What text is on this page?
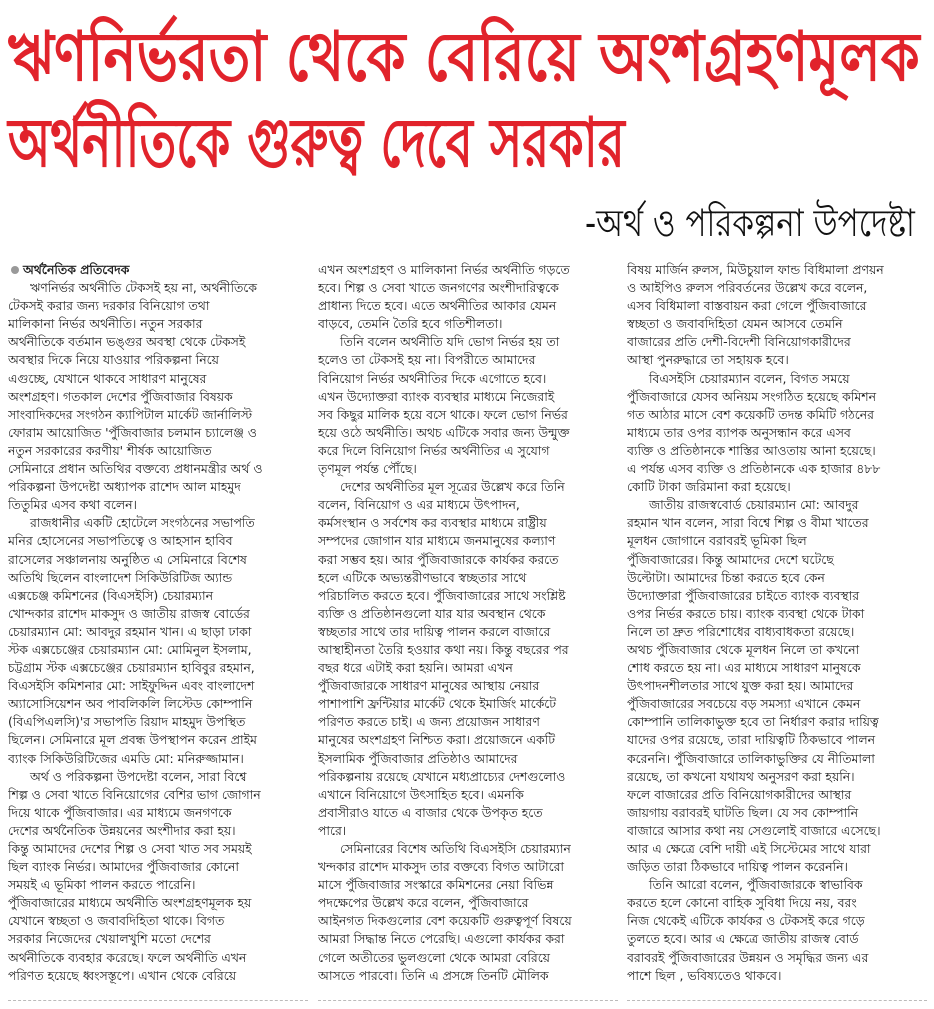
ঋণনির্ভরতা থেকে বেরিয়ে অংশগ্রহণমূলক
অর্থনীতিকে গুরুত্ব দেবে সরকার
-অর্থ ও পরিকল্পনা উপদেষ্টা
অর্থনৈতিক প্রতিবেদক
ঋণনির্ভর অর্থনীতি টেকসই হয় না, অর্থনীতিকে
টেকসই করার জন্য দরকার বিনিয়োগ তথা
মালিকানা নির্ভর অর্থনীতি। নতুন সরকার
অর্থনীতিকে বর্তমান ভঙ্গুর অবস্থা থেকে টেকসই
অবস্থার দিকে নিয়ে যাওয়ার পরিকল্পনা নিয়ে
এগুচ্ছে, যেখানে থাকবে সাধারণ মানুষের
অংশগ্রহণ। গতকাল দেশের পুঁজিবাজার বিষয়ক
সাংবাদিকদের সংগঠন ক্যাপিটাল মার্কেট জার্নালিস্ট
ফোরাম আয়োজিত 'পুঁজিবাজার চলমান চ্যালেঞ্জ ও
নতুন সরকারের করণীয়' শীর্ষক আয়োজিত
সেমিনারে প্রধান অতিথির বক্তব্যে প্রধানমন্ত্রীর অর্থ ও
পরিকল্পনা উপদেষ্টা অধ্যাপক রাশেদ আল মাহমুদ
তিতুমির এসব কথা বলেন।
রাজধানীর একটি হোটেলে সংগঠনের সভাপতি
মনির হোসেনের সভাপতিত্বে ও আহসান হাবিব
রাসেলের সঞ্চালনায় অনুষ্ঠিত এ সেমিনারে বিশেষ
অতিথি ছিলেন বাংলাদেশ সিকিউরিটিজ অ্যান্ড
এক্সচেঞ্জ কমিশনের (বিএসইসি) চেয়ারম্যান
খোন্দকার রাশেদ মাকসুদ ও জাতীয় রাজস্ব বোর্ডের
চেয়ারম্যান মো: আবদুর রহমান খান। এ ছাড়া ঢাকা
স্টক এক্সচেঞ্জের চেয়ারম্যান মো: মোমিনুল ইসলাম,
চট্টগ্রাম স্টক এক্সচেঞ্জের চেয়ারম্যান হাবিবুর রহমান,
বিএসইসি কমিশনার মো: সাইফুদ্দিন এবং বাংলাদেশ
অ্যাসোসিয়েশন অব পাবলিকলি লিস্টেড কোম্পানি
(বিএপিএলসি)'র সভাপতি রিয়াদ মাহমুদ উপস্থিত
ছিলেন। সেমিনারে মূল প্রবন্ধ উপস্থাপন করেন প্রাইম
ব্যাংক সিকিউরিটিজের এমডি মো: মনিরুজ্জামান।
অর্থ ও পরিকল্পনা উপদেষ্টা বলেন, সারা বিশ্বে
শিল্প ও সেবা খাতে বিনিয়োগের বেশির ভাগ জোগান
দিয়ে থাকে পুঁজিবাজার। এর মাধ্যমে জনগণকে
দেশের অর্থনৈতিক উন্নয়নের অংশীদার করা হয়।
কিন্তু আমাদের দেশের শিল্প ও সেবা খাত সব সময়ই
ছিল ব্যাংক নির্ভর। আমাদের পুঁজিবাজার কোনো
সময়ই এ ভূমিকা পালন করতে পারেনি।
পুঁজিবাজারের মাধ্যমে অর্থনীতি অংশগ্রহণমূলক হয়
যেখানে স্বচ্ছতা ও জবাবদিহিতা থাকে। বিগত
সরকার নিজেদের খেয়ালখুশি মতো দেশের
অর্থনীতিকে ব্যবহার করেছে। ফলে অর্থনীতি এখন
পরিণত হয়েছে ধ্বংসস্তূপে। এখান থেকে বেরিয়ে
এখন অংশগ্রহণ ও মালিকানা নির্ভর অর্থনীতি গড়তে
হবে। শিল্প ও সেবা খাতে জনগণের অংশীদারিত্বকে
প্রাধান্য দিতে হবে। এতে অর্থনীতির আকার যেমন
বাড়বে, তেমনি তৈরি হবে গতিশীলতা।
তিনি বলেন অর্থনীতি যদি ভোগ নির্ভর হয় তা
হলেও তা টেকসই হয় না। বিপরীতে আমাদের
বিনিয়োগ নির্ভর অর্থনীতির দিকে এগোতে হবে।
এখন উদ্যোক্তরা ব্যাংক ব্যবস্থার মাধ্যমে নিজেরাই
সব কিছুর মালিক হয়ে বসে থাকে। ফলে ভোগ নির্ভর
হয়ে ওঠে অর্থনীতি। অথচ এটিকে সবার জন্য উন্মুক্ত
করে দিলে বিনিয়োগ নির্ভর অর্থনীতির এ সুযোগ
তৃণমূল পর্যন্ত পৌঁছে।
দেশের অর্থনীতির মূল সূত্রের উল্লেখ করে তিনি
বলেন, বিনিয়োগ ও এর মাধ্যমে উৎপাদন,
কর্মসংস্থান ও সর্বশেষ কর ব্যবস্থার মাধ্যমে রাষ্ট্রীয়
সম্পদের জোগান যার মাধ্যমে জনমানুষের কল্যাণ
করা সম্ভব হয়। আর পুঁজিবাজারকে কার্যকর করতে
হলে এটিকে অভ্যন্তরীণভাবে স্বচ্ছতার সাথে
পরিচালিত করতে হবে। পুঁজিবাজারের সাথে সংশ্লিষ্ট
ব্যক্তি ও প্রতিষ্ঠানগুলো যার যার অবস্থান থেকে
স্বচ্ছতার সাথে তার দায়িত্ব পালন করলে বাজারে
আস্থাহীনতা তৈরি হওয়ার কথা নয়। কিন্তু বছরের পর
বছর ধরে এটাই করা হয়নি। আমরা এখন
পুঁজিবাজারকে সাধারণ মানুষের আস্থায় নেয়ার
পাশাপাশি ফ্রন্টিয়ার মার্কেট থেকে ইমার্জিং মার্কেটে
পরিণত করতে চাই। এ জন্য প্রয়োজন সাধারণ
মানুষের অংশগ্রহণ নিশ্চিত করা। প্রয়োজনে একটি
ইসলামিক পুঁজিবাজার প্রতিষ্ঠাও আমাদের
পরিকল্পনায় রয়েছে যেখানে মধ্যপ্রাচ্যের দেশগুলোও
এখানে বিনিয়োগে উৎসাহিত হবে। এমনকি
প্রবাসীরাও যাতে এ বাজার থেকে উপকৃত হতে
পারে।
সেমিনারের বিশেষ অতিথি বিএসইসি চেয়ারম্যান
খন্দকার রাশেদ মাকসুদ তার বক্তব্যে বিগত আটারো
মাসে পুঁজিবাজার সংস্কারে কমিশনের নেয়া বিভিন্ন
পদক্ষেপের উল্লেখ করে বলেন, পুঁজিবাজারে
আইনগত দিকগুলোর বেশ কয়েকটি গুরুত্বপূর্ণ বিষয়ে
আমরা সিদ্ধান্ত নিতে পেরেছি। এগুলো কার্যকর করা
গেলে অতীতের ভুলগুলো থেকে আমরা বেরিয়ে
আসতে পারবো। তিনি এ প্রসঙ্গে তিনটি মৌলিক
বিষয় মার্জিন রুলস, মিউচুয়াল ফান্ড বিধিমালা প্রণয়ন
ও আইপিও রুলস পরিবর্তনের উল্লেখ করে বলেন,
এসব বিধিমালা বাস্তবায়ন করা গেলে পুঁজিবাজারে
স্বচ্ছতা ও জবাবদিহিতা যেমন আসবে তেমনি
বাজারের প্রতি দেশী-বিদেশী বিনিয়োগকারীদের
আস্থা পুনরুদ্ধারে তা সহায়ক হবে।
বিএসইসি চেয়ারম্যান বলেন, বিগত সময়ে
পুঁজিবাজারে যেসব অনিয়ম সংগঠিত হয়েছে কমিশন
গত আঠার মাসে বেশ কয়েকটি তদন্ত কমিটি গঠনের
মাধ্যমে তার ওপর ব্যাপক অনুসন্ধান করে এসব
ব্যক্তি ও প্রতিষ্ঠানকে শাস্তির আওতায় আনা হয়েছে।
এ পর্যন্ত এসব ব্যক্তি ও প্রতিষ্ঠানকে এক হাজার ৪৮৮
কোটি টাকা জরিমানা করা হয়েছে।
জাতীয় রাজস্ববোর্ড চেয়ারম্যান মো: আবদুর
রহমান খান বলেন, সারা বিশ্বে শিল্প ও বীমা খাতের
মূলধন জোগানে বরাবরই ভূমিকা ছিল
পুঁজিবাজারের। কিন্তু আমাদের দেশে ঘটেছে
উল্টোটা। আমাদের চিন্তা করতে হবে কেন
উদ্যোক্তারা পুঁজিবাজারের চাইতে ব্যাংক ব্যবস্থার
ওপর নির্ভর করতে চায়। ব্যাংক ব্যবস্থা থেকে টাকা
নিলে তা দ্রুত পরিশোধের বাধ্যবাধকতা রয়েছে।
অথচ পুঁজিবাজার থেকে মূলধন নিলে তা কখনো
শোধ করতে হয় না। এর মাধ্যমে সাধারণ মানুষকে
উৎপাদনশীলতার সাথে যুক্ত করা হয়। আমাদের
পুঁজিবাজারের সবচেয়ে বড় সমস্যা এখানে কেমন
কোম্পানি তালিকাভুক্ত হবে তা নির্ধারণ করার দায়িত্ব
যাদের ওপর রয়েছে, তারা দায়িত্বটি ঠিকভাবে পালন
করেননি। পুঁজিবাজারে তালিকাভুক্তির যে নীতিমালা
রয়েছে, তা কখনো যথাযথ অনুসরণ করা হয়নি।
ফলে বাজারের প্রতি বিনিয়োগকারীদের আস্থার
জায়গায় বরাবরই ঘাটতি ছিল। যে সব কোম্পানি
বাজারে আসার কথা নয় সেগুলোই বাজারে এসেছে।
আর এ ক্ষেত্রে বেশি দায়ী এই সিস্টেমের সাথে যারা
জড়িত তারা ঠিকভাবে দায়িত্ব পালন করেননি।
তিনি আরো বলেন, পুঁজিবাজারকে স্বাভাবিক
করতে হলে কোনো বাহিক সুবিধা দিয়ে নয়, বরং
নিজ থেকেই এটিকে কার্যকর ও টেকসই করে গড়ে
তুলতে হবে। আর এ ক্ষেত্রে জাতীয় রাজস্ব বোর্ড
বরাবরই পুঁজিবাজারের উন্নয়ন ও সমৃদ্ধির জন্য এর
পাশে ছিল , ভবিষ্যতেও থাকবে।
